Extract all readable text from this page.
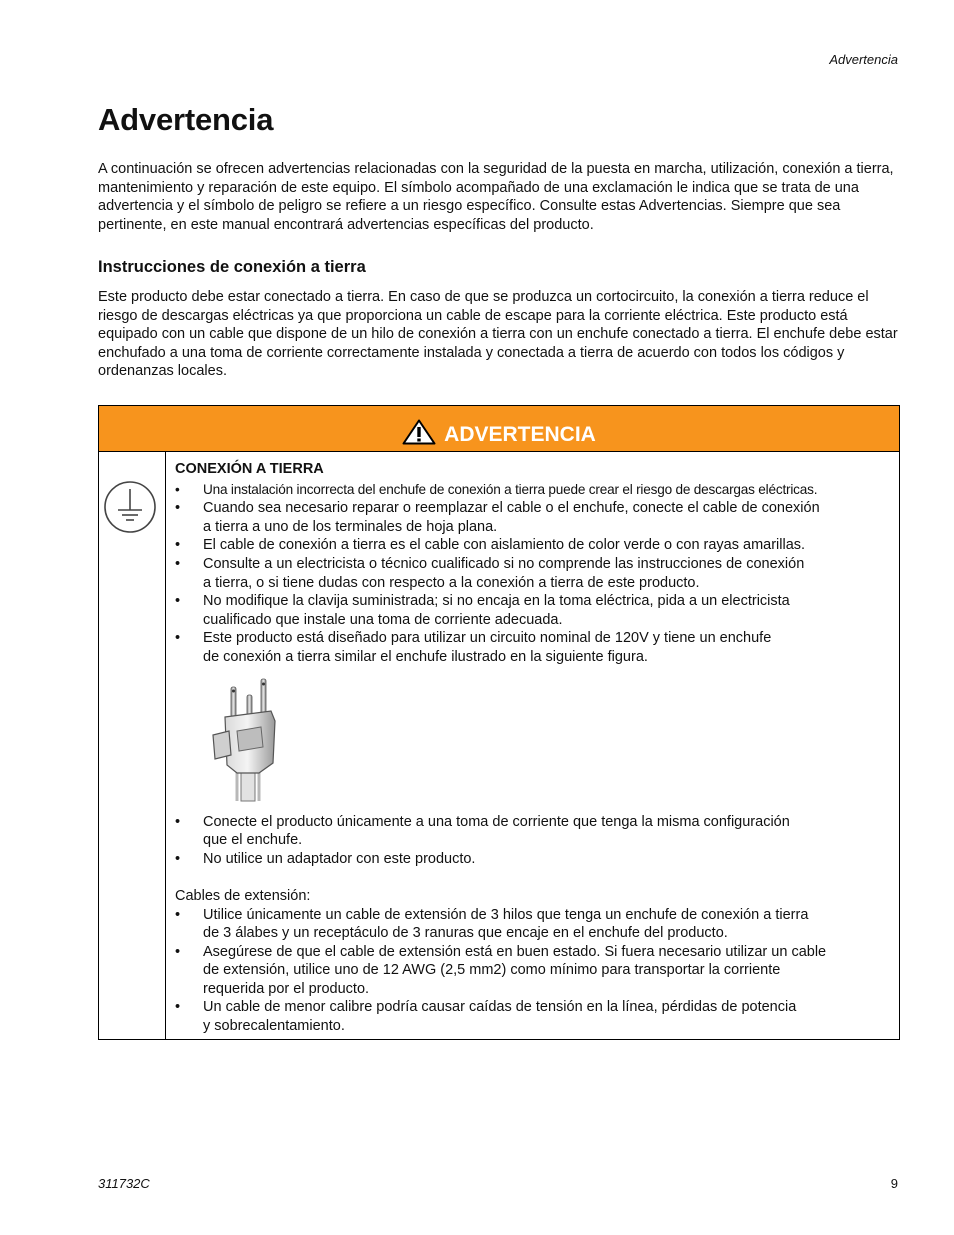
Advertencia
Advertencia

A continuación se ofrecen advertencias relacionadas con la seguridad de la puesta en marcha, utilización, conexión a tierra, mantenimiento y reparación de este equipo. El símbolo acompañado de una exclamación le indica que se trata de una advertencia y el símbolo de peligro se refiere a un riesgo específico. Consulte estas Advertencias. Siempre que sea pertinente, en este manual encontrará advertencias específicas del producto.

Instrucciones de conexión a tierra

Este producto debe estar conectado a tierra. En caso de que se produzca un cortocircuito, la conexión a tierra reduce el riesgo de descargas eléctricas ya que proporciona un cable de escape para la corriente eléctrica. Este producto está equipado con un cable que dispone de un hilo de conexión a tierra con un enchufe conectado a tierra. El enchufe debe estar enchufado a una toma de corriente correctamente instalada y conectada a tierra de acuerdo con todos los códigos y ordenanzas locales.

ADVERTENCIA
CONEXIÓN A TIERRA
• Una instalación incorrecta del enchufe de conexión a tierra puede crear el riesgo de descargas eléctricas.
• Cuando sea necesario reparar o reemplazar el cable o el enchufe, conecte el cable de conexión
a tierra a uno de los terminales de hoja plana.
• El cable de conexión a tierra es el cable con aislamiento de color verde o con rayas amarillas.
• Consulte a un electricista o técnico cualificado si no comprende las instrucciones de conexión
a tierra, o si tiene dudas con respecto a la conexión a tierra de este producto.
• No modifique la clavija suministrada; si no encaja en la toma eléctrica, pida a un electricista
cualificado que instale una toma de corriente adecuada.
• Este producto está diseñado para utilizar un circuito nominal de 120V y tiene un enchufe
de conexión a tierra similar el enchufe ilustrado en la siguiente figura.
• Conecte el producto únicamente a una toma de corriente que tenga la misma configuración
que el enchufe.
• No utilice un adaptador con este producto.
Cables de extensión:
• Utilice únicamente un cable de extensión de 3 hilos que tenga un enchufe de conexión a tierra
de 3 álabes y un receptáculo de 3 ranuras que encaje en el enchufe del producto.
• Asegúrese de que el cable de extensión está en buen estado. Si fuera necesario utilizar un cable
de extensión, utilice uno de 12 AWG (2,5 mm2) como mínimo para transportar la corriente
requerida por el producto.
• Un cable de menor calibre podría causar caídas de tensión en la línea, pérdidas de potencia
y sobrecalentamiento.
311732C	9
